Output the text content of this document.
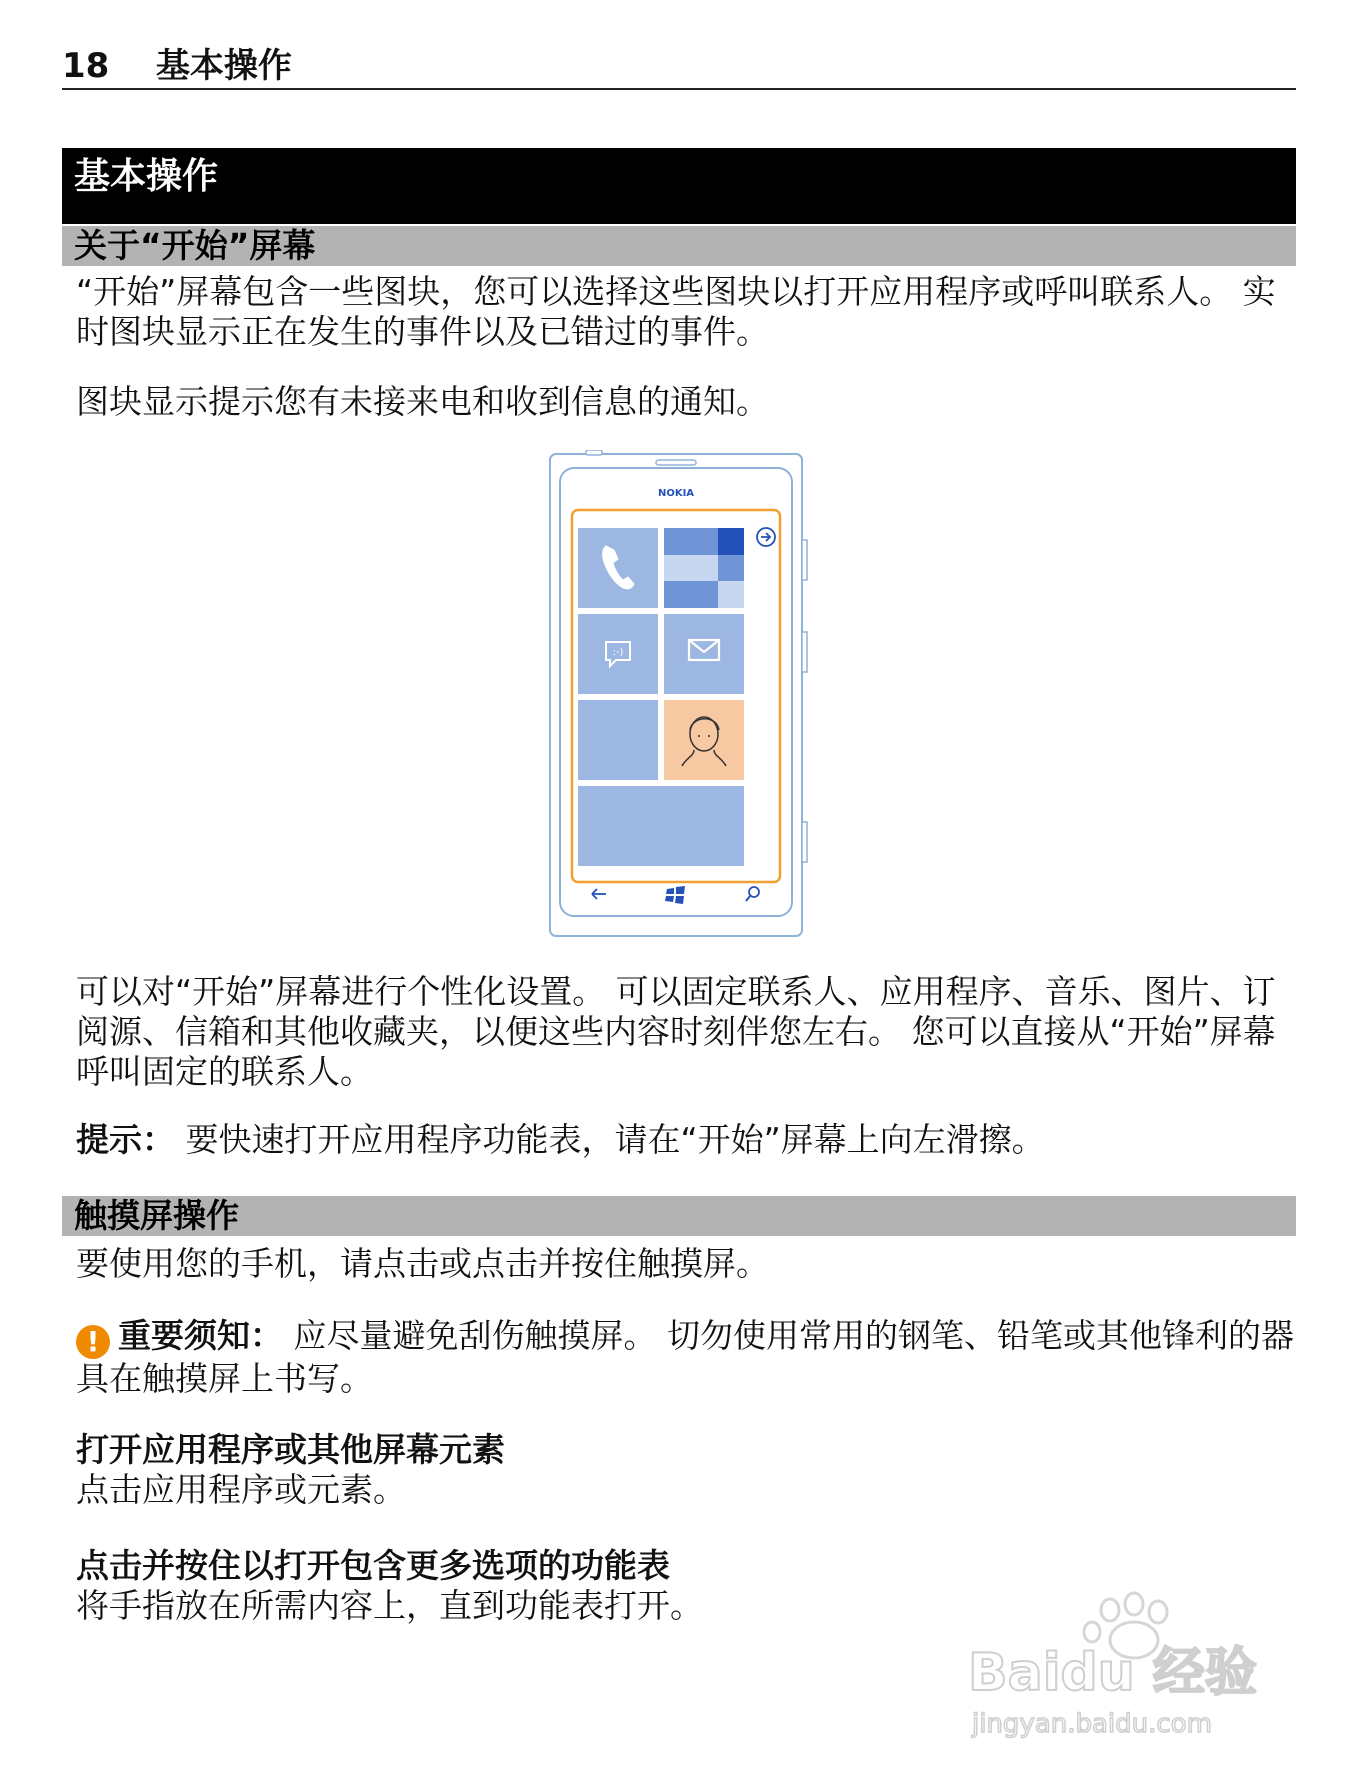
18 基本操作
基本操作
关于“开始”屏幕

“开始”屏幕包含一些图块，您可以选择这些图块以打开应用程序或呼叫联系人。 实时图块显示正在发生的事件以及已错过的事件。

图块显示提示您有未接来电和收到信息的通知。

NOKIA
:-)

可以对“开始”屏幕进行个性化设置。 可以固定联系人、应用程序、音乐、图片、订阅源、信箱和其他收藏夹，以便这些内容时刻伴您左右。 您可以直接从“开始”屏幕呼叫固定的联系人。

提示： 要快速打开应用程序功能表，请在“开始”屏幕上向左滑擦。

触摸屏操作

要使用您的手机，请点击或点击并按住触摸屏。

! 重要须知： 应尽量避免刮伤触摸屏。 切勿使用常用的钢笔、铅笔或其他锋利的器具在触摸屏上书写。

打开应用程序或其他屏幕元素

点击应用程序或元素。

点击并按住以打开包含更多选项的功能表

将手指放在所需内容上，直到功能表打开。

Baidu 经验
jingyan.baidu.com
